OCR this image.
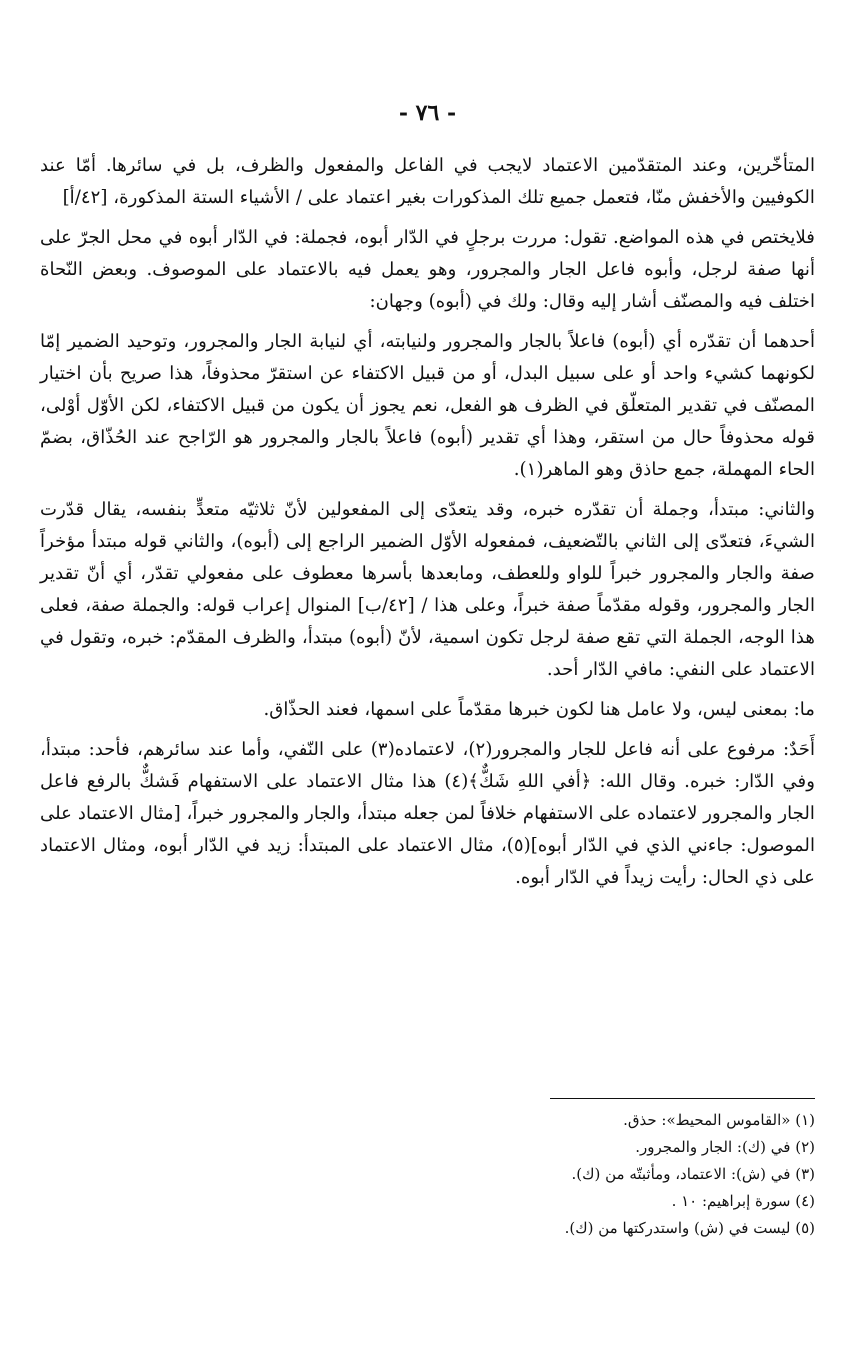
- ٧٦ -

المتأخّرين، وعند المتقدّمين الاعتماد لايجب في الفاعل والمفعول والظرف، بل في سائرها. أمّا عند الكوفيين والأخفش منّا، فتعمل جميع تلك المذكورات بغير اعتماد على / الأشياء الستة المذكورة، [٤٢/أ]

فلايختص في هذه المواضع. تقول: مررت برجلٍ في الدّار أبوه، فجملة: في الدّار أبوه في محل الجرّ على أنها صفة لرجل، وأبوه فاعل الجار والمجرور، وهو يعمل فيه بالاعتماد على الموصوف. وبعض النّحاة اختلف فيه والمصنّف أشار إليه وقال: ولك في (أبوه) وجهان:

أحدهما أن تقدّره أي (أبوه) فاعلاً بالجار والمجرور ولنيابته، أي لنيابة الجار والمجرور، وتوحيد الضمير إمّا لكونهما كشيء واحد أو على سبيل البدل، أو من قبيل الاكتفاء عن استقرّ محذوفاً، هذا صريح بأن اختيار المصنّف في تقدير المتعلّق في الظرف هو الفعل، نعم يجوز أن يكون من قبيل الاكتفاء، لكن الأوّل أوْلى، قوله محذوفاً حال من استقر، وهذا أي تقدير (أبوه) فاعلاً بالجار والمجرور هو الرّاجح عند الحُذّاق، بضمّ الحاء المهملة، جمع حاذق وهو الماهر(١).

والثاني: مبتدأ، وجملة أن تقدّره خبره، وقد يتعدّى إلى المفعولين لأنّ ثلاثيّه متعدٍّ بنفسه، يقال قدّرت الشيءَ، فتعدّى إلى الثاني بالتّضعيف، فمفعوله الأوّل الضمير الراجع إلى (أبوه)، والثاني قوله مبتدأ مؤخراً صفة والجار والمجرور خبراً للواو وللعطف، ومابعدها بأسرها معطوف على مفعولي تقدّر، أي أنّ تقدير الجار والمجرور، وقوله مقدّماً صفة خبراً، وعلى هذا / [٤٢/ب] المنوال إعراب قوله: والجملة صفة، فعلى هذا الوجه، الجملة التي تقع صفة لرجل تكون اسمية، لأنّ (أبوه) مبتدأ، والظرف المقدّم: خبره، وتقول في الاعتماد على النفي: مافي الدّار أحد.

ما: بمعنى ليس، ولا عامل هنا لكون خبرها مقدّماً على اسمها، فعند الحذّاق.

أَحَدٌ: مرفوع على أنه فاعل للجار والمجرور(٢)، لاعتماده(٣) على النّفي، وأما عند سائرهم، فأحد: مبتدأ، وفي الدّار: خبره. وقال الله: ﴿أفي اللهِ شَكٌّ﴾(٤) هذا مثال الاعتماد على الاستفهام فَشكٌّ بالرفع فاعل الجار والمجرور لاعتماده على الاستفهام خلافاً لمن جعله مبتدأ، والجار والمجرور خبراً، [مثال الاعتماد على الموصول: جاءني الذي في الدّار أبوه](٥)، مثال الاعتماد على المبتدأ: زيد في الدّار أبوه، ومثال الاعتماد على ذي الحال: رأيت زيداً في الدّار أبوه.

(١) «القاموس المحيط»: حذق.

(٢) في (ك): الجار والمجرور.

(٣) في (ش): الاعتماد، ومأثبتّه من (ك).

(٤) سورة إبراهيم: ١٠ .

(٥) ليست في (ش) واستدركتها من (ك).
